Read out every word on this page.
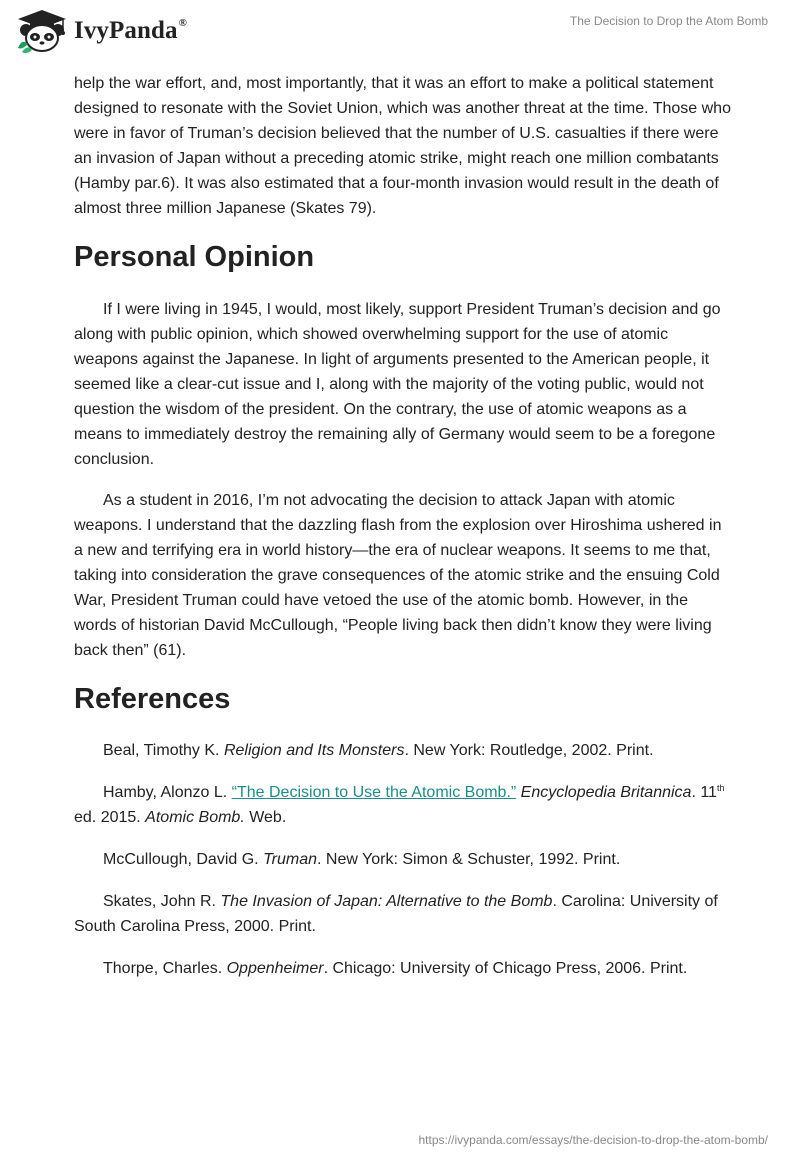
IvyPanda®	The Decision to Drop the Atom Bomb

help the war effort, and, most importantly, that it was an effort to make a political statement designed to resonate with the Soviet Union, which was another threat at the time. Those who were in favor of Truman’s decision believed that the number of U.S. casualties if there were an invasion of Japan without a preceding atomic strike, might reach one million combatants (Hamby par.6). It was also estimated that a four-month invasion would result in the death of almost three million Japanese (Skates 79).

Personal Opinion

If I were living in 1945, I would, most likely, support President Truman’s decision and go along with public opinion, which showed overwhelming support for the use of atomic weapons against the Japanese. In light of arguments presented to the American people, it seemed like a clear-cut issue and I, along with the majority of the voting public, would not question the wisdom of the president. On the contrary, the use of atomic weapons as a means to immediately destroy the remaining ally of Germany would seem to be a foregone conclusion.

As a student in 2016, I’m not advocating the decision to attack Japan with atomic weapons. I understand that the dazzling flash from the explosion over Hiroshima ushered in a new and terrifying era in world history—the era of nuclear weapons. It seems to me that, taking into consideration the grave consequences of the atomic strike and the ensuing Cold War, President Truman could have vetoed the use of the atomic bomb. However, in the words of historian David McCullough, “People living back then didn’t know they were living back then” (61).

References

Beal, Timothy K. Religion and Its Monsters. New York: Routledge, 2002. Print.

Hamby, Alonzo L. “The Decision to Use the Atomic Bomb.” Encyclopedia Britannica. 11th ed. 2015. Atomic Bomb. Web.

McCullough, David G. Truman. New York: Simon & Schuster, 1992. Print.

Skates, John R. The Invasion of Japan: Alternative to the Bomb. Carolina: University of South Carolina Press, 2000. Print.

Thorpe, Charles. Oppenheimer. Chicago: University of Chicago Press, 2006. Print.

https://ivypanda.com/essays/the-decision-to-drop-the-atom-bomb/
